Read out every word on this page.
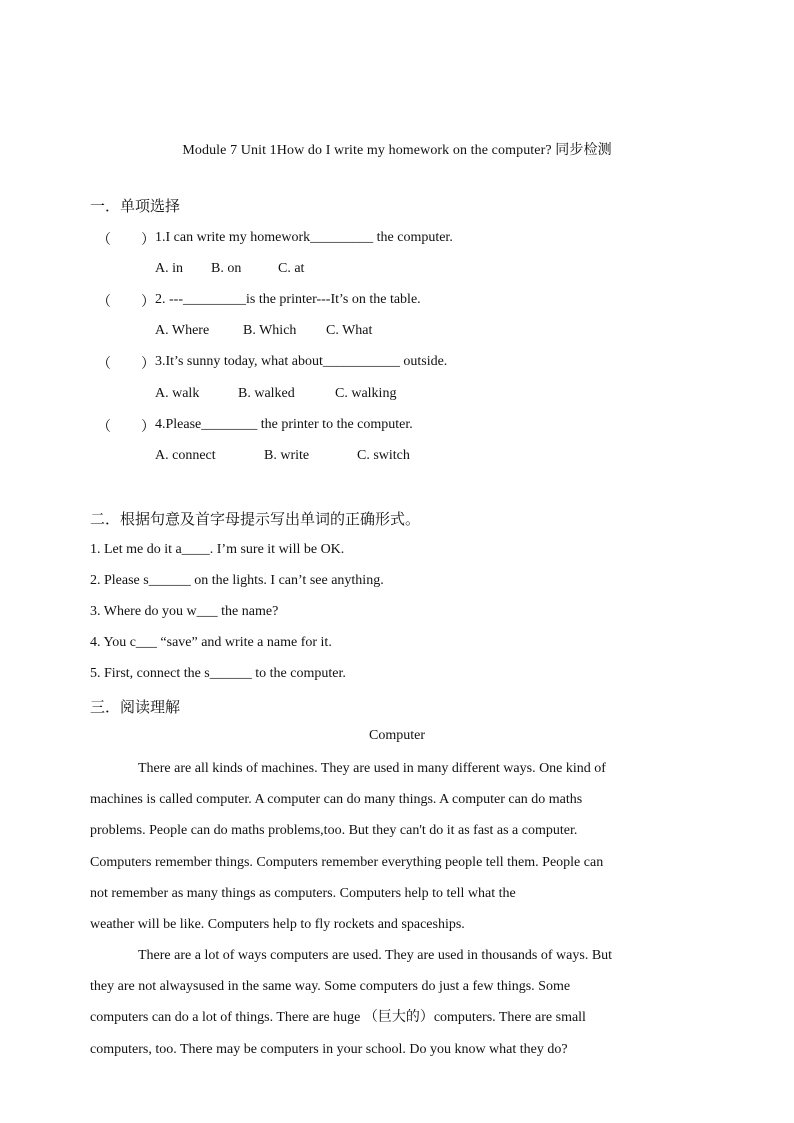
Module 7 Unit 1How do I write my homework on the computer? 同步检测
一．单项选择
（ ） 1.I can write my homework_________ the computer.
A. in B. on	C. at
（ ） 2. ---_________is the printer---It’s on the table.
A. Where B. Which C. What
（ ） 3.It’s sunny today, what about___________ outside.
A. walk	B. walked	C. walking
（ ） 4.Please________ the printer to the computer.
A. connect	B. write	C. switch
二．根据句意及首字母提示写出单词的正确形式。
1. Let me do it a____. I’m sure it will be OK.
2. Please s______ on the lights. I can’t see anything.
3. Where do you w___ the name?
4. You c___ “save” and write a name for it.
5. First, connect the s______ to the computer.
三．阅读理解
Computer

There are all kinds of machines. They are used in many different ways. One kind of

machines is called computer. A computer can do many things. A computer can do maths

problems. People can do maths problems,too. But they can't do it as fast as a computer.

Computers remember things. Computers remember everything people tell them. People can

not remember as many things as computers. Computers help to tell what the

weather will be like. Computers help to fly rockets and spaceships.

There are a lot of ways computers are used. They are used in thousands of ways. But

they are not alwaysused in the same way. Some computers do just a few things. Some

computers can do a lot of things. There are huge （巨大的）computers. There are small

computers, too. There may be computers in your school. Do you know what they do?
